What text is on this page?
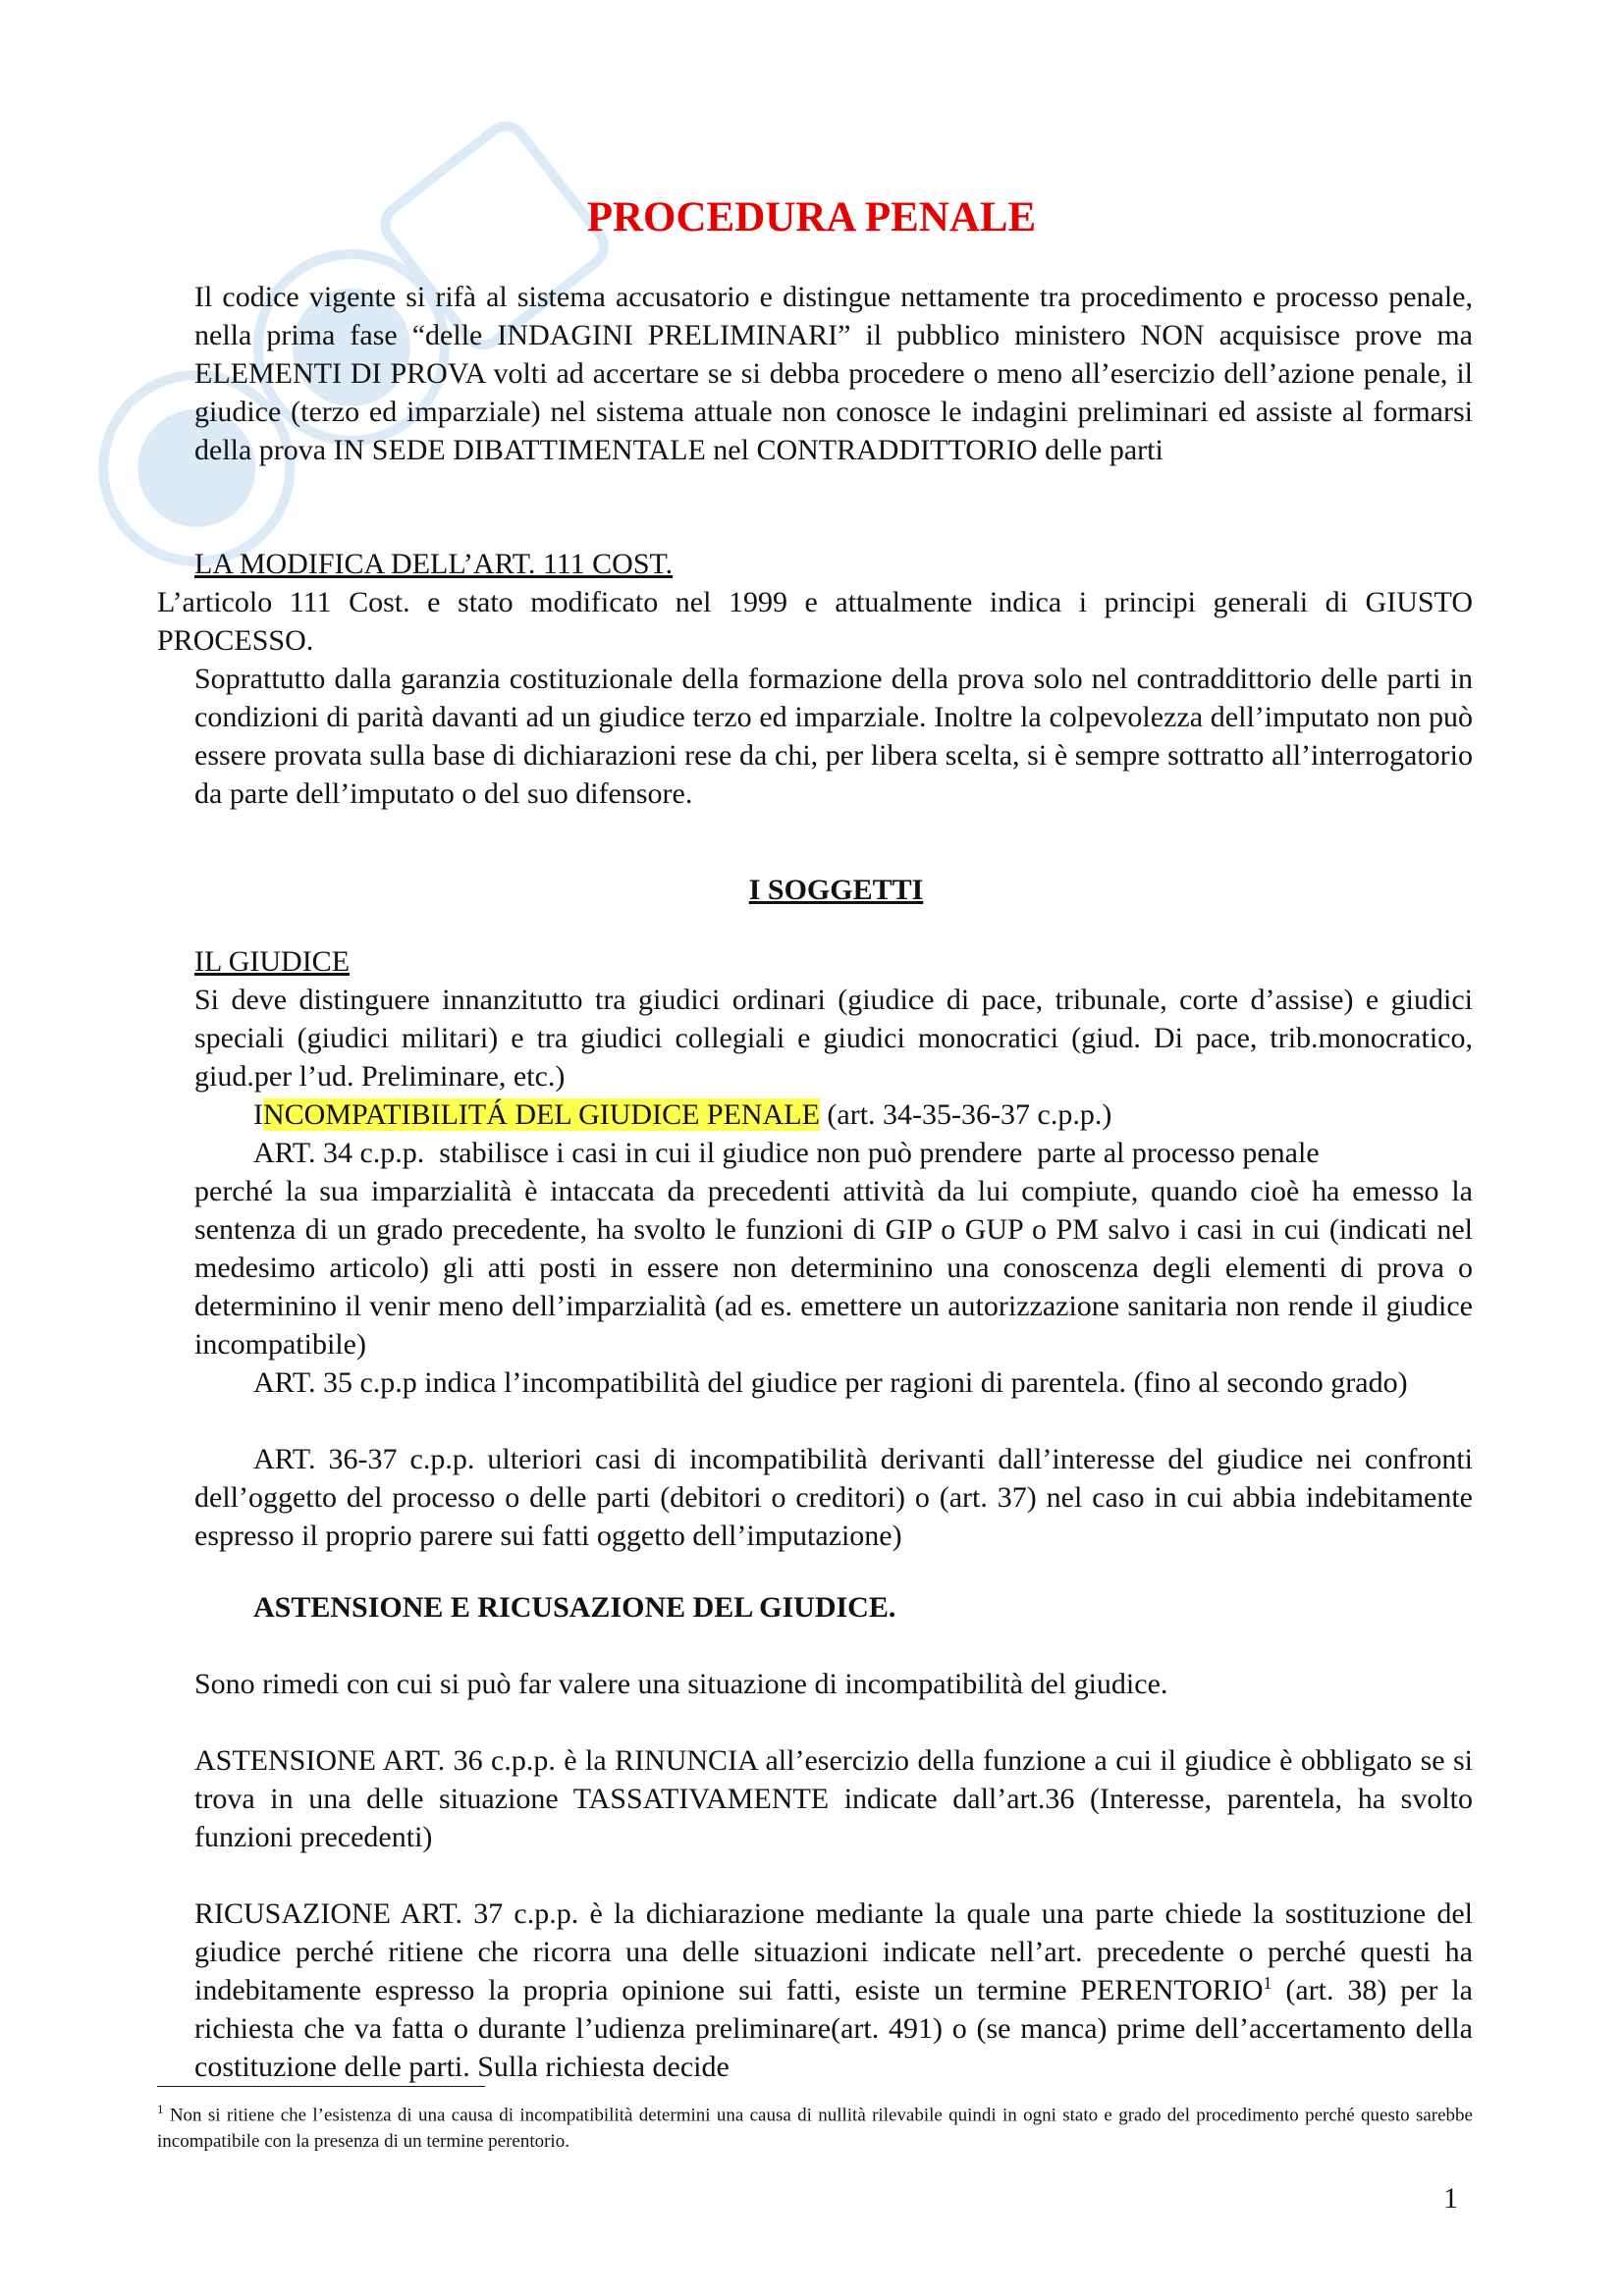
PROCEDURA PENALE
Il codice vigente si rifà al sistema accusatorio e distingue nettamente tra procedimento e processo penale, nella prima fase “delle INDAGINI PRELIMINARI” il pubblico ministero NON acquisisce prove ma ELEMENTI DI PROVA volti ad accertare se si debba procedere o meno all’esercizio dell’azione penale, il giudice (terzo ed imparziale) nel sistema attuale non conosce le indagini preliminari ed assiste al formarsi della prova IN SEDE DIBATTIMENTALE nel CONTRADDITTORIO delle parti
LA MODIFICA DELL’ART. 111 COST.
L’articolo 111 Cost. e stato modificato nel 1999 e attualmente indica i principi generali di GIUSTO PROCESSO.
Soprattutto dalla garanzia costituzionale della formazione della prova solo nel contraddittorio delle parti in condizioni di parità davanti ad un giudice terzo ed imparziale. Inoltre la colpevolezza dell’imputato non può essere provata sulla base di dichiarazioni rese da chi, per libera scelta, si è sempre sottratto all’interrogatorio da parte dell’imputato o del suo difensore.
I SOGGETTI
IL GIUDICE
Si deve distinguere innanzitutto tra giudici ordinari (giudice di pace, tribunale, corte d’assise) e giudici speciali (giudici militari) e tra giudici collegiali e giudici monocratici (giud. Di pace, trib.monocratico, giud.per l’ud. Preliminare, etc.)
INCOMPATIBILITÁ DEL GIUDICE PENALE (art. 34-35-36-37 c.p.p.)
ART. 34 c.p.p.  stabilisce i casi in cui il giudice non può prendere  parte al processo penale
perché la sua imparzialità è intaccata da precedenti attività da lui compiute, quando cioè ha emesso la sentenza di un grado precedente, ha svolto le funzioni di GIP o GUP o PM salvo i casi in cui (indicati nel medesimo articolo) gli atti posti in essere non determinino una conoscenza degli elementi di prova o determinino il venir meno dell’imparzialità (ad es. emettere un autorizzazione sanitaria non rende il giudice incompatibile)
ART. 35 c.p.p indica l’incompatibilità del giudice per ragioni di parentela. (fino al secondo grado)
ART. 36-37 c.p.p. ulteriori casi di incompatibilità derivanti dall’interesse del giudice nei confronti dell’oggetto del processo o delle parti (debitori o creditori) o (art. 37) nel caso in cui abbia indebitamente espresso il proprio parere sui fatti oggetto dell’imputazione)
ASTENSIONE E RICUSAZIONE DEL GIUDICE.
Sono rimedi con cui si può far valere una situazione di incompatibilità del giudice.
ASTENSIONE ART. 36 c.p.p. è la RINUNCIA all’esercizio della funzione a cui il giudice è obbligato se si trova in una delle situazione TASSATIVAMENTE indicate dall’art.36 (Interesse, parentela, ha svolto funzioni precedenti)
RICUSAZIONE ART. 37 c.p.p. è la dichiarazione mediante la quale una parte chiede la sostituzione del giudice perché ritiene che ricorra una delle situazioni indicate nell’art. precedente o perché questi ha indebitamente espresso la propria opinione sui fatti, esiste un termine PERENTORIO$^1$ (art. 38) per la richiesta che va fatta o durante l’udienza preliminare(art. 491) o (se manca) prime dell’accertamento della costituzione delle parti. Sulla richiesta decide
$^1$ Non si ritiene che l’esistenza di una causa di incompatibilità determini una causa di nullità rilevabile quindi in ogni stato e grado del procedimento perché questo sarebbe incompatibile con la presenza di un termine perentorio.
1
